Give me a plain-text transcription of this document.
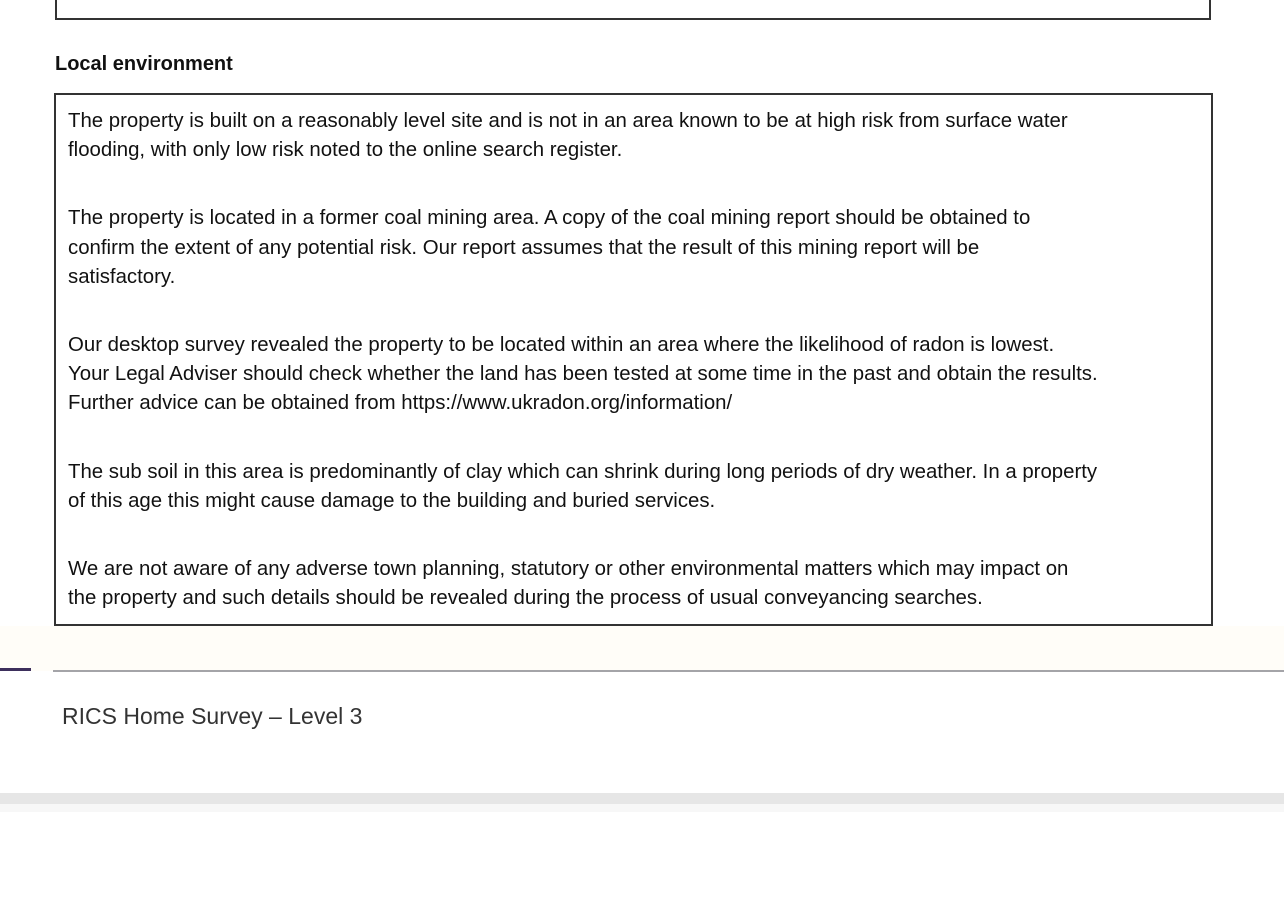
Local environment

The property is built on a reasonably level site and is not in an area known to be at high risk from surface water
flooding, with only low risk noted to the online search register.

The property is located in a former coal mining area. A copy of the coal mining report should be obtained to
confirm the extent of any potential risk. Our report assumes that the result of this mining report will be
satisfactory.

Our desktop survey revealed the property to be located within an area where the likelihood of radon is lowest.
Your Legal Adviser should check whether the land has been tested at some time in the past and obtain the results.
Further advice can be obtained from https://www.ukradon.org/information/

The sub soil in this area is predominantly of clay which can shrink during long periods of dry weather. In a property
of this age this might cause damage to the building and buried services.

We are not aware of any adverse town planning, statutory or other environmental matters which may impact on
the property and such details should be revealed during the process of usual conveyancing searches.

RICS Home Survey – Level 3
